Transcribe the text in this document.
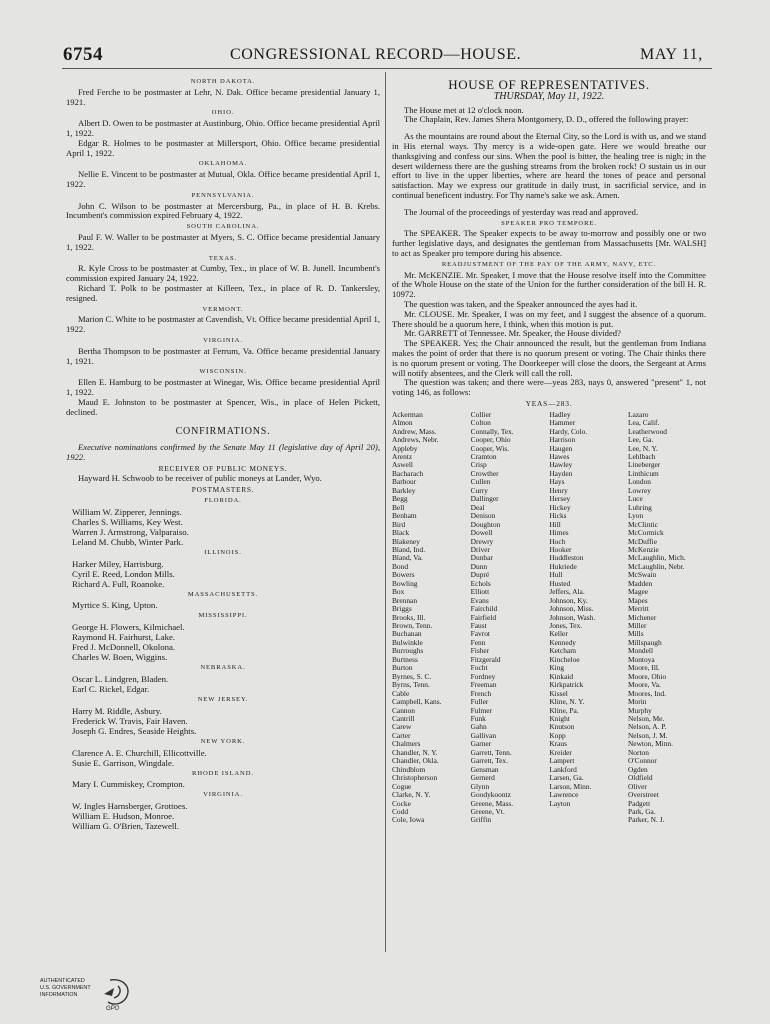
6754	CONGRESSIONAL RECORD—HOUSE.	MAY 11,
NORTH DAKOTA.

Fred Ferche to be postmaster at Lehr, N. Dak. Office became presidential January 1, 1921.

OHIO.

Albert D. Owen to be postmaster at Austinburg, Ohio. Office became presidential April 1, 1922.

Edgar R. Holmes to be postmaster at Millersport, Ohio. Office became presidential April 1, 1922.

OKLAHOMA.

Nellie E. Vincent to be postmaster at Mutual, Okla. Office became presidential April 1, 1922.

PENNSYLVANIA.

John C. Wilson to be postmaster at Mercersburg, Pa., in place of H. B. Krebs. Incumbent's commission expired February 4, 1922.

SOUTH CAROLINA.

Paul F. W. Waller to be postmaster at Myers, S. C. Office became presidential January 1, 1922.

TEXAS.

R. Kyle Cross to be postmaster at Cumby, Tex., in place of W. B. Junell. Incumbent's commission expired January 24, 1922.

Richard T. Polk to be postmaster at Killeen, Tex., in place of R. D. Tankersley, resigned.

VERMONT.

Marion C. White to be postmaster at Cavendish, Vt. Office became presidential April 1, 1922.

VIRGINIA.

Bertha Thompson to be postmaster at Ferrum, Va. Office became presidential January 1, 1921.

WISCONSIN.

Ellen E. Hamburg to be postmaster at Winegar, Wis. Office became presidential April 1, 1922.

Maud E. Johnston to be postmaster at Spencer, Wis., in place of Helen Pickett, declined.

CONFIRMATIONS.

Executive nominations confirmed by the Senate May 11 (legislative day of April 20), 1922.

RECEIVER OF PUBLIC MONEYS.

Hayward H. Schwoob to be receiver of public moneys at Lander, Wyo.

POSTMASTERS.
FLORIDA.

William W. Zipperer, Jennings.

Charles S. Williams, Key West.

Warren J. Armstrong, Valparaiso.

Leland M. Chubb, Winter Park.

ILLINOIS.

Harker Miley, Harrisburg.

Cyril E. Reed, London Mills.

Richard A. Full, Roanoke.

MASSACHUSETTS.

Myrtice S. King, Upton.

MISSISSIPPI.

George H. Flowers, Kilmichael.

Raymond H. Fairhurst, Lake.

Fred J. McDonnell, Okolona.

Charles W. Boen, Wiggins.

NEBRASKA.

Oscar L. Lindgren, Bladen.

Earl C. Rickel, Edgar.

NEW JERSEY.

Harry M. Riddle, Asbury.

Frederick W. Travis, Fair Haven.

Joseph G. Endres, Seaside Heights.

NEW YORK.

Clarence A. E. Churchill, Ellicottville.

Susie E. Garrison, Wingdale.

RHODE ISLAND.

Mary I. Cummiskey, Crompton.

VIRGINIA.

W. Ingles Harnsberger, Grottoes.

William E. Hudson, Monroe.

William G. O'Brien, Tazewell.

HOUSE OF REPRESENTATIVES.
THURSDAY, May 11, 1922.

The House met at 12 o'clock noon.

The Chaplain, Rev. James Shera Montgomery, D. D., offered the following prayer:

As the mountains are round about the Eternal City, so the Lord is with us, and we stand in His eternal ways. Thy mercy is a wide-open gate. Here we would breathe our thanksgiving and confess our sins. When the pool is bitter, the healing tree is nigh; in the desert wilderness there are the gushing streams from the broken rock! O sustain us in our effort to live in the upper liberties, where are heard the tones of peace and personal satisfaction. May we express our gratitude in daily trust, in sacrificial service, and in continual beneficent industry. For Thy name's sake we ask. Amen.

The Journal of the proceedings of yesterday was read and approved.

SPEAKER PRO TEMPORE.

The SPEAKER. The Speaker expects to be away to-morrow and possibly one or two further legislative days, and designates the gentleman from Massachusetts [Mr. WALSH] to act as Speaker pro tempore during his absence.

READJUSTMENT OF THE PAY OF THE ARMY, NAVY, ETC.

Mr. McKENZIE. Mr. Speaker, I move that the House resolve itself into the Committee of the Whole House on the state of the Union for the further consideration of the bill H. R. 10972.

The question was taken, and the Speaker announced the ayes had it.

Mr. CLOUSE. Mr. Speaker, I was on my feet, and I suggest the absence of a quorum. There should be a quorum here, I think, when this motion is put.

Mr. GARRETT of Tennessee. Mr. Speaker, the House divided?

The SPEAKER. Yes; the Chair announced the result, but the gentleman from Indiana makes the point of order that there is no quorum present or voting. The Chair thinks there is no quorum present or voting. The Doorkeeper will close the doors, the Sergeant at Arms will notify absentees, and the Clerk will call the roll.

The question was taken; and there were—yeas 283, nays 0, answered "present" 1, not voting 146, as follows:

YEAS—283.
Ackerman
Almon
Andrew, Mass.
Andrews, Nebr.
Appleby
Arentz
Aswell
Bacharach
Barbour
Barkley
Begg
Bell
Benham
Bird
Black
Blakeney
Bland, Ind.
Bland, Va.
Bond
Bowers
Bowling
Box
Brennan
Briggs
Brooks, Ill.
Brown, Tenn.
Buchanan
Bulwinkle
Burroughs
Burtness
Burton
Byrnes, S. C.
Byrns, Tenn.
Cable
Campbell, Kans.
Cannon
Cantrill
Carew
Carter
Chalmers
Chandler, N. Y.
Chandler, Okla.
Chindblom
Christopherson
Cogue
Clarke, N. Y.
Cocke
Codd
Cole, Iowa
Collier
Colton
Connally, Tex.
Cooper, Ohio
Cooper, Wis.
Cramton
Crisp
Crowther
Cullen
Curry
Dallinger
Deal
Denison
Doughton
Dowell
Drewry
Driver
Dunbar
Dunn
Dupré
Echols
Elliott
Evans
Fairchild
Fairfield
Faust
Favrot
Fenn
Fisher
Fitzgerald
Focht
Fordney
Freeman
French
Fuller
Fulmer
Funk
Gahn
Gallivan
Garner
Garrett, Tenn.
Garrett, Tex.
Gensman
Gernerd
Glynn
Goodykoontz
Greene, Mass.
Greene, Vt.
Griffin
Hadley
Hammer
Hardy, Colo.
Harrison
Haugen
Hawes
Hawley
Hayden
Hays
Henry
Hersey
Hickey
Hicks
Hill
Himes
Hoch
Hooker
Huddleston
Hukriede
Hull
Husted
Jeffers, Ala.
Johnson, Ky.
Johnson, Miss.
Johnson, Wash.
Jones, Tex.
Keller
Kennedy
Ketcham
Kincheloe
King
Kinkaid
Kirkpatrick
Kissel
Kline, N. Y.
Kline, Pa.
Knight
Knutson
Kopp
Kraus
Kreider
Lampert
Lankford
Larsen, Ga.
Larson, Minn.
Lawrence
Layton
Lazaro
Lea, Calif.
Leatherwood
Lee, Ga.
Lee, N. Y.
Lehlbach
Lineberger
Linthicum
London
Lowrey
Luce
Luhring
Lyon
McClintic
McCormick
McDuffie
McKenzie
McLaughlin, Mich.
McLaughlin, Nebr.
McSwain
Madden
Magee
Mapes
Merritt
Michener
Miller
Mills
Millspaugh
Mondell
Montoya
Moore, Ill.
Moore, Ohio
Moore, Va.
Moores, Ind.
Morin
Murphy
Nelson, Me.
Nelson, A. P.
Nelson, J. M.
Newton, Minn.
Norton
O'Connor
Ogden
Oldfield
Oliver
Overstreet
Padgett
Park, Ga.
Parker, N. J.
AUTHENTICATED
U.S. GOVERNMENT
INFORMATION
GPO
